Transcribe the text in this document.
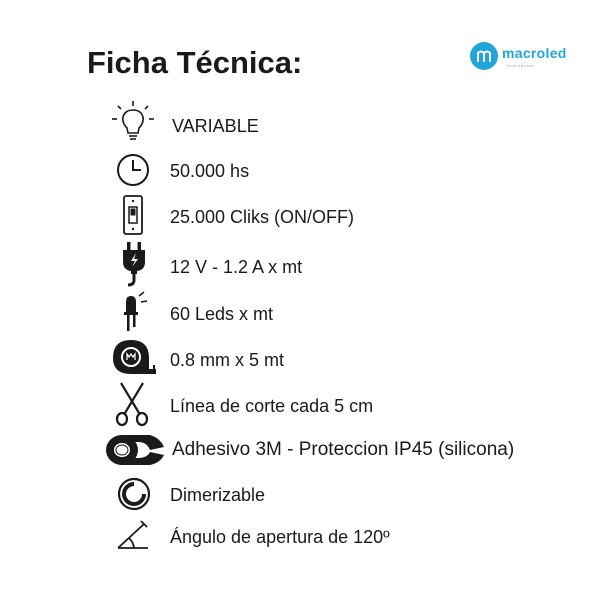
Ficha Técnica:	macroled
iluminacion
VARIABLE
50.000 hs
25.000 Cliks (ON/OFF)
12 V - 1.2 A x mt
60 Leds x mt
0.8 mm x 5 mt
Línea de corte cada 5 cm
Adhesivo 3M - Proteccion IP45 (silicona)
Dimerizable
Ángulo de apertura de 120º
